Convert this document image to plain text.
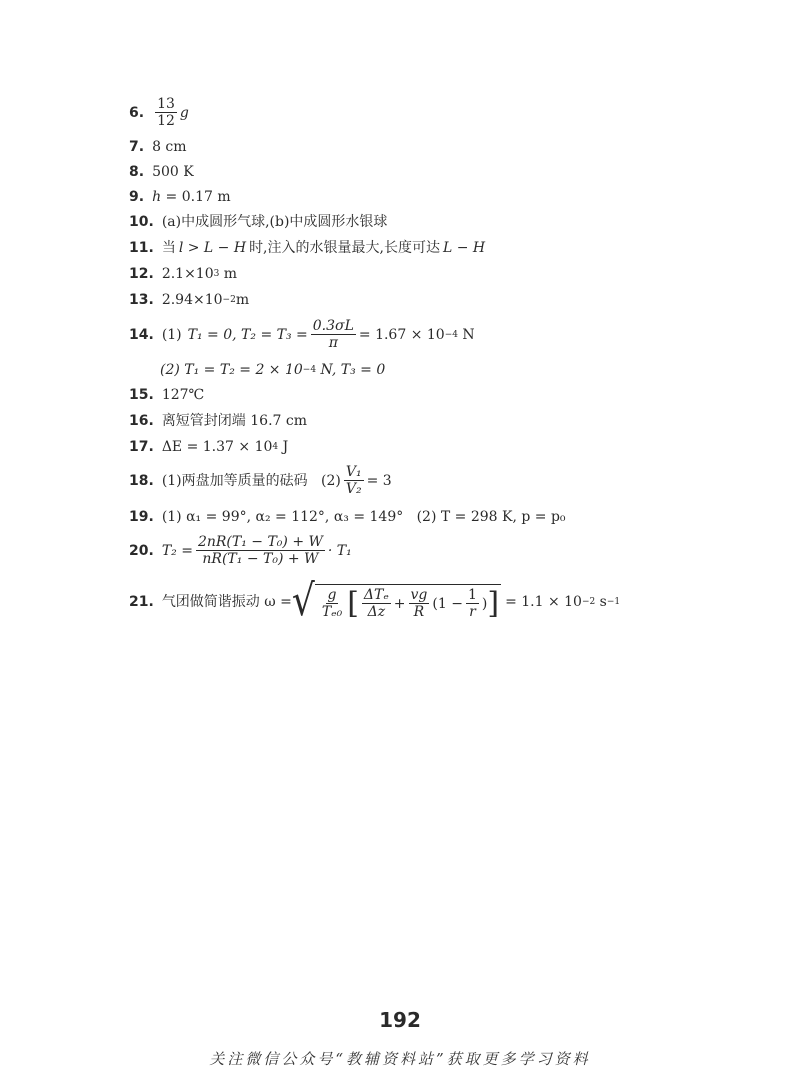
6. $\frac{13}{12}$ g
7. 8 cm
8. 500 K
9. h = 0.17 m
10. (a)中成圆形气球,(b)中成圆形水银球
11. 当 l > L − H 时,注入的水银量最大,长度可达 L − H
12. 2.1×10 3 m
13. 2.94×10 −2 m
14. (1) T₁ = 0, $T_2 = T_3 = \frac{0.3\sigma L}{\pi} = 1.67 \times 10 -4$ N
(2) T₁ = T₂ = 2 × 10 −4 N, T₃ = 0
15. 127℃
16. 离短管封闭端 16.7 cm
17. ΔE = 1.37 × 10 4 J
18. (1)两盘加等质量的砝码   $(2) \frac{\text{V₁}}{\text{V₂}} = 3$
19. (1) α₁ = 99°, α₂ = 112°, α₃ = 149°   (2) T = 298 K, p = p₀
20. $T_2 = \frac{\text{2nR(T₁ − T₀) + W}}{\text{nR(T₁ − T₀) + W}} \cdot T_1$
21. 气团做简谐振动 ω = √ $\frac{g}{\text{Tₑ₀}}$ [ $\frac{\text{ΔTₑ}}{\Delta z} + \frac{vg}{R} (1 - \frac{1}{r}$ ) ] = 1.1 × 10 −2 s −1
192
关注微信公众号“教辅资料站”获取更多学习资料
